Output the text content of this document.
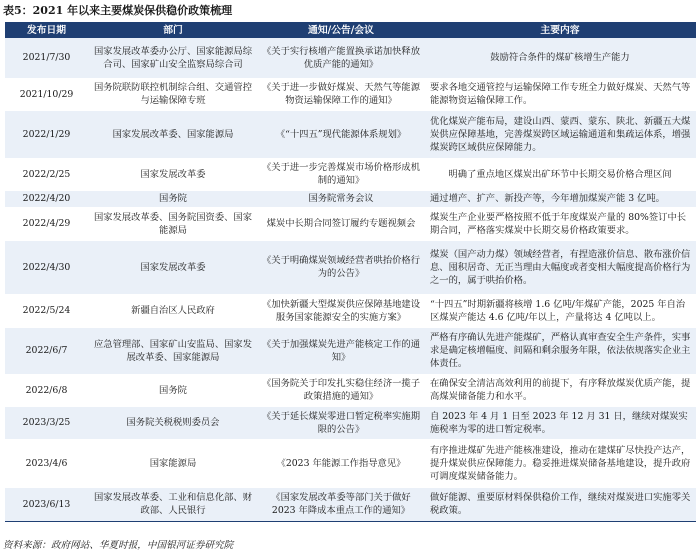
表5：2021 年以来主要煤炭保供稳价政策梳理
发布日期	部门	通知/公告/会议	主要内容
2021/7/30	国家发展改革委办公厅、国家能源局综合司、国家矿山安全监察局综合司	《关于实行核增产能置换承诺加快释放优质产能的通知》	鼓励符合条件的煤矿核增生产能力
2021/10/29	国务院联防联控机制综合组、交通管控与运输保障专班	《关于进一步做好煤炭、天然气等能源物资运输保障工作的通知》	要求各地交通管控与运输保障工作专班全力做好煤炭、天然气等能源物资运输保障工作。
2022/1/29	国家发展改革委、国家能源局	《“十四五”现代能源体系规划》	优化煤炭产能布局，建设山西、蒙西、蒙东、陕北、新疆五大煤炭供应保障基地，完善煤炭跨区域运输通道和集疏运体系，增强煤炭跨区域供应保障能力。
2022/2/25	国家发展改革委	《关于进一步完善煤炭市场价格形成机制的通知》	明确了重点地区煤炭出矿环节中长期交易价格合理区间
2022/4/20	国务院	国务院常务会议	通过增产、扩产、新投产等，今年增加煤炭产能 3 亿吨。
2022/4/29	国家发展改革委、国务院国资委、国家能源局	煤炭中长期合同签订履约专题视频会	煤炭生产企业要严格按照不低于年度煤炭产量的 80%签订中长期合同，严格落实煤炭中长期交易价格政策要求。
2022/4/30	国家发展改革委	《关于明确煤炭领域经营者哄抬价格行为的公告》	煤炭（国产动力煤）领域经营者，有捏造涨价信息、散布涨价信息、囤积居奇、无正当理由大幅度或者变相大幅度提高价格行为之一的，属于哄抬价格。
2022/5/24	新疆自治区人民政府	《加快新疆大型煤炭供应保障基地建设服务国家能源安全的实施方案》	“十四五”时期新疆将核增 1.6 亿吨/年煤矿产能，2025 年自治区煤炭产能达 4.6 亿吨/年以上，产量将达 4 亿吨以上。
2022/6/7	应急管理部、国家矿山安监局、国家发展改革委、国家能源局	《关于加强煤炭先进产能核定工作的通知》	严格有序确认先进产能煤矿，严格认真审查安全生产条件，实事求是确定核增幅度、间隔和剩余服务年限，依法依规落实企业主体责任。
2022/6/8	国务院	《国务院关于印发扎实稳住经济一揽子政策措施的通知》	在确保安全清洁高效利用的前提下，有序释放煤炭优质产能，提高煤炭储备能力和水平。
2023/3/25	国务院关税税则委员会	《关于延长煤炭零进口暂定税率实施期限的公告》	自 2023 年 4 月 1 日至 2023 年 12 月 31 日，继续对煤炭实施税率为零的进口暂定税率。
2023/4/6	国家能源局	《2023 年能源工作指导意见》	有序推进煤矿先进产能核准建设，推动在建煤矿尽快投产达产，提升煤炭供应保障能力。稳妥推进煤炭储备基地建设，提升政府可调度煤炭储备能力。
2023/6/13	国家发展改革委、工业和信息化部、财政部、人民银行	《国家发展改革委等部门关于做好 2023 年降成本重点工作的通知》	做好能源、重要原材料保供稳价工作，继续对煤炭进口实施零关税政策。
资料来源：政府网站、华夏时报，中国银河证券研究院
